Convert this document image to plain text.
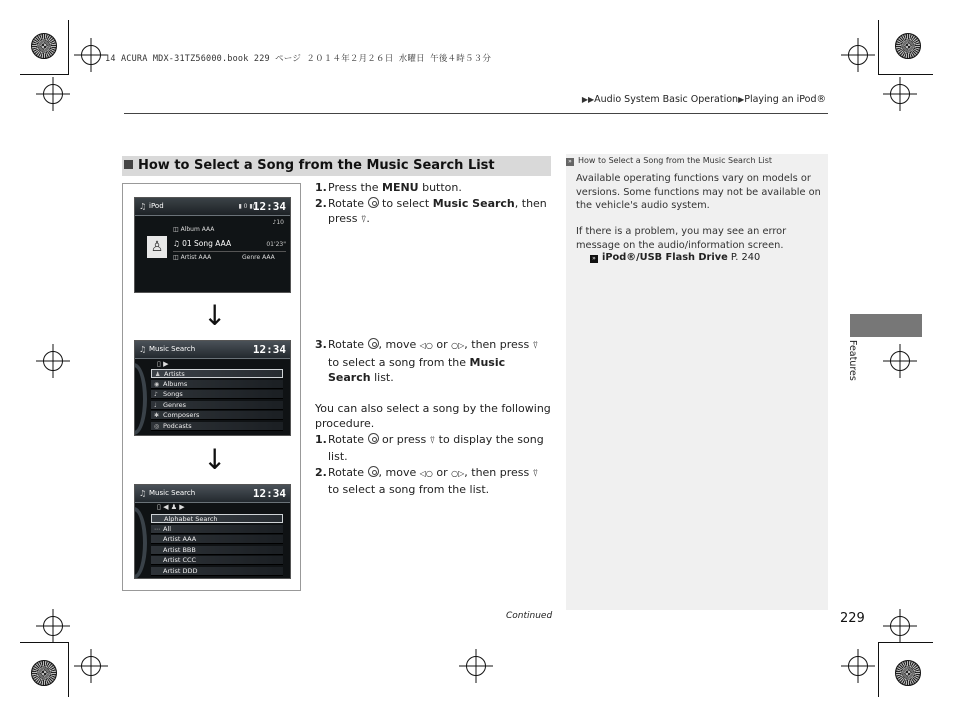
14 ACURA MDX-31TZ56000.book 229 ページ ２０１４年２月２６日 水曜日 午後４時５３分
▶▶Audio System Basic Operation▶Playing an iPod®
How to Select a Song from the Music Search List
♫ iPod	▮ 0 ▮▯
12:34
♪10
◫ Album AAA
♙	♫ 01 Song AAA	01'23"
◫ Artist AAA	Genre AAA
↓
♫ Music Search	12:34
▯ ▶
♟ Artists
◉ Albums
♪ Songs
♩ Genres
✱ Composers
◎ Podcasts
↓
♫ Music Search	12:34
▯ ◀ ♟ ▶
Alphabet Search
⋯ All
Artist AAA
Artist BBB
Artist CCC
Artist DDD
1. Press the MENU button.
2. Rotate  to select Music Search, then press ⍢.
3. Rotate , move ◁○ or ○▷, then press ⍢ to select a song from the Music Search list.
You can also select a song by the following procedure.
1. Rotate  or press ⍢ to display the song list.
2. Rotate , move ◁○ or ○▷, then press ⍢ to select a song from the list.
» How to Select a Song from the Music Search List
Available operating functions vary on models or versions. Some functions may not be available on the vehicle's audio system.
If there is a problem, you may see an error message on the audio/information screen.
» iPod®/USB Flash Drive P. 240
Features
Continued	229
